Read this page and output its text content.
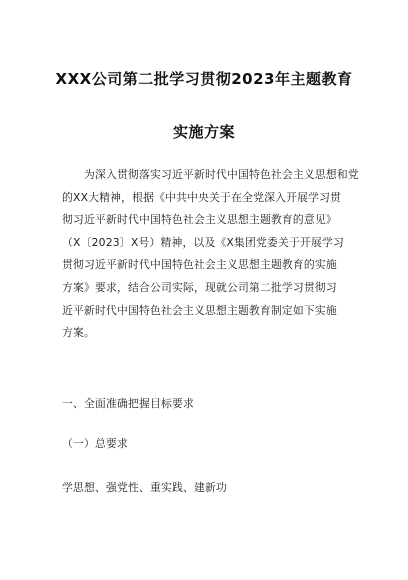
XXX公司第二批学习贯彻2023年主题教育
实施方案
为深入贯彻落实习近平新时代中国特色社会主义思想和党
的XX大精神，根据《中共中央关于在全党深入开展学习贯
彻习近平新时代中国特色社会主义思想主题教育的意见》
（X〔2023〕X号）精神，以及《X集团党委关于开展学习
贯彻习近平新时代中国特色社会主义思想主题教育的实施
方案》要求，结合公司实际，现就公司第二批学习贯彻习
近平新时代中国特色社会主义思想主题教育制定如下实施
方案。
一、全面准确把握目标要求
（一）总要求
学思想、强党性、重实践、建新功
